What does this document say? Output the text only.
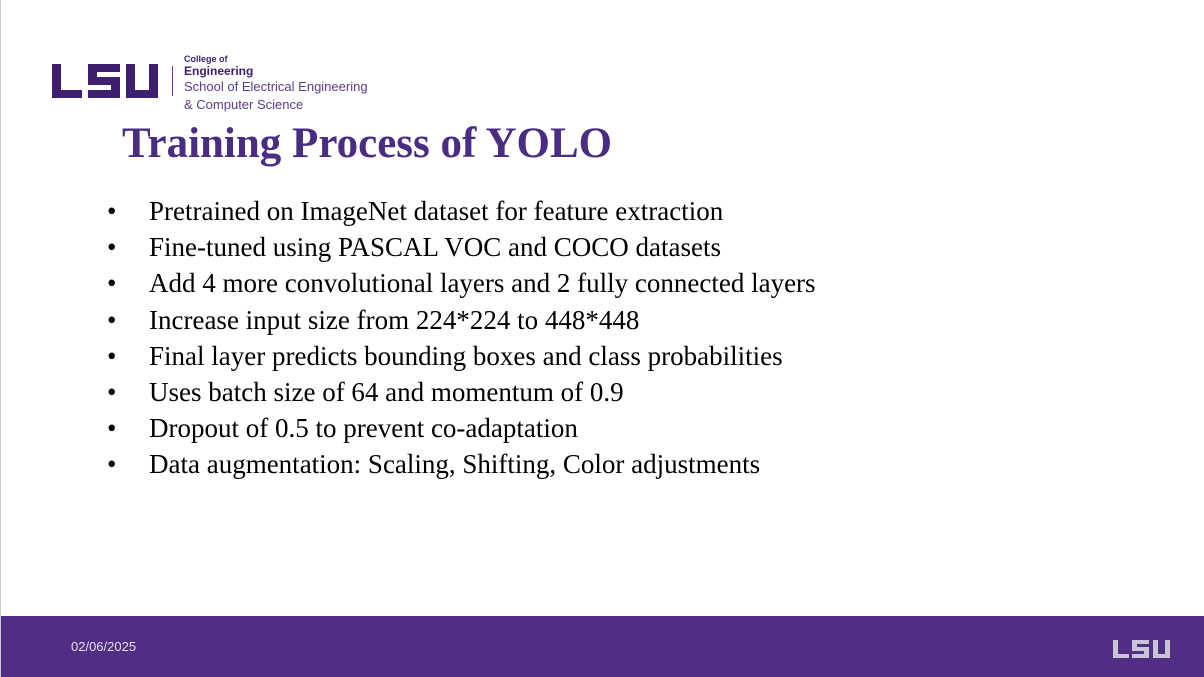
College of
Engineering
School of Electrical Engineering
& Computer Science
Training Process of YOLO
• Pretrained on ImageNet dataset for feature extraction
• Fine-tuned using PASCAL VOC and COCO datasets
• Add 4 more convolutional layers and 2 fully connected layers
• Increase input size from 224*224 to 448*448
• Final layer predicts bounding boxes and class probabilities
• Uses batch size of 64 and momentum of 0.9
• Dropout of 0.5 to prevent co-adaptation
• Data augmentation: Scaling, Shifting, Color adjustments
02/06/2025
